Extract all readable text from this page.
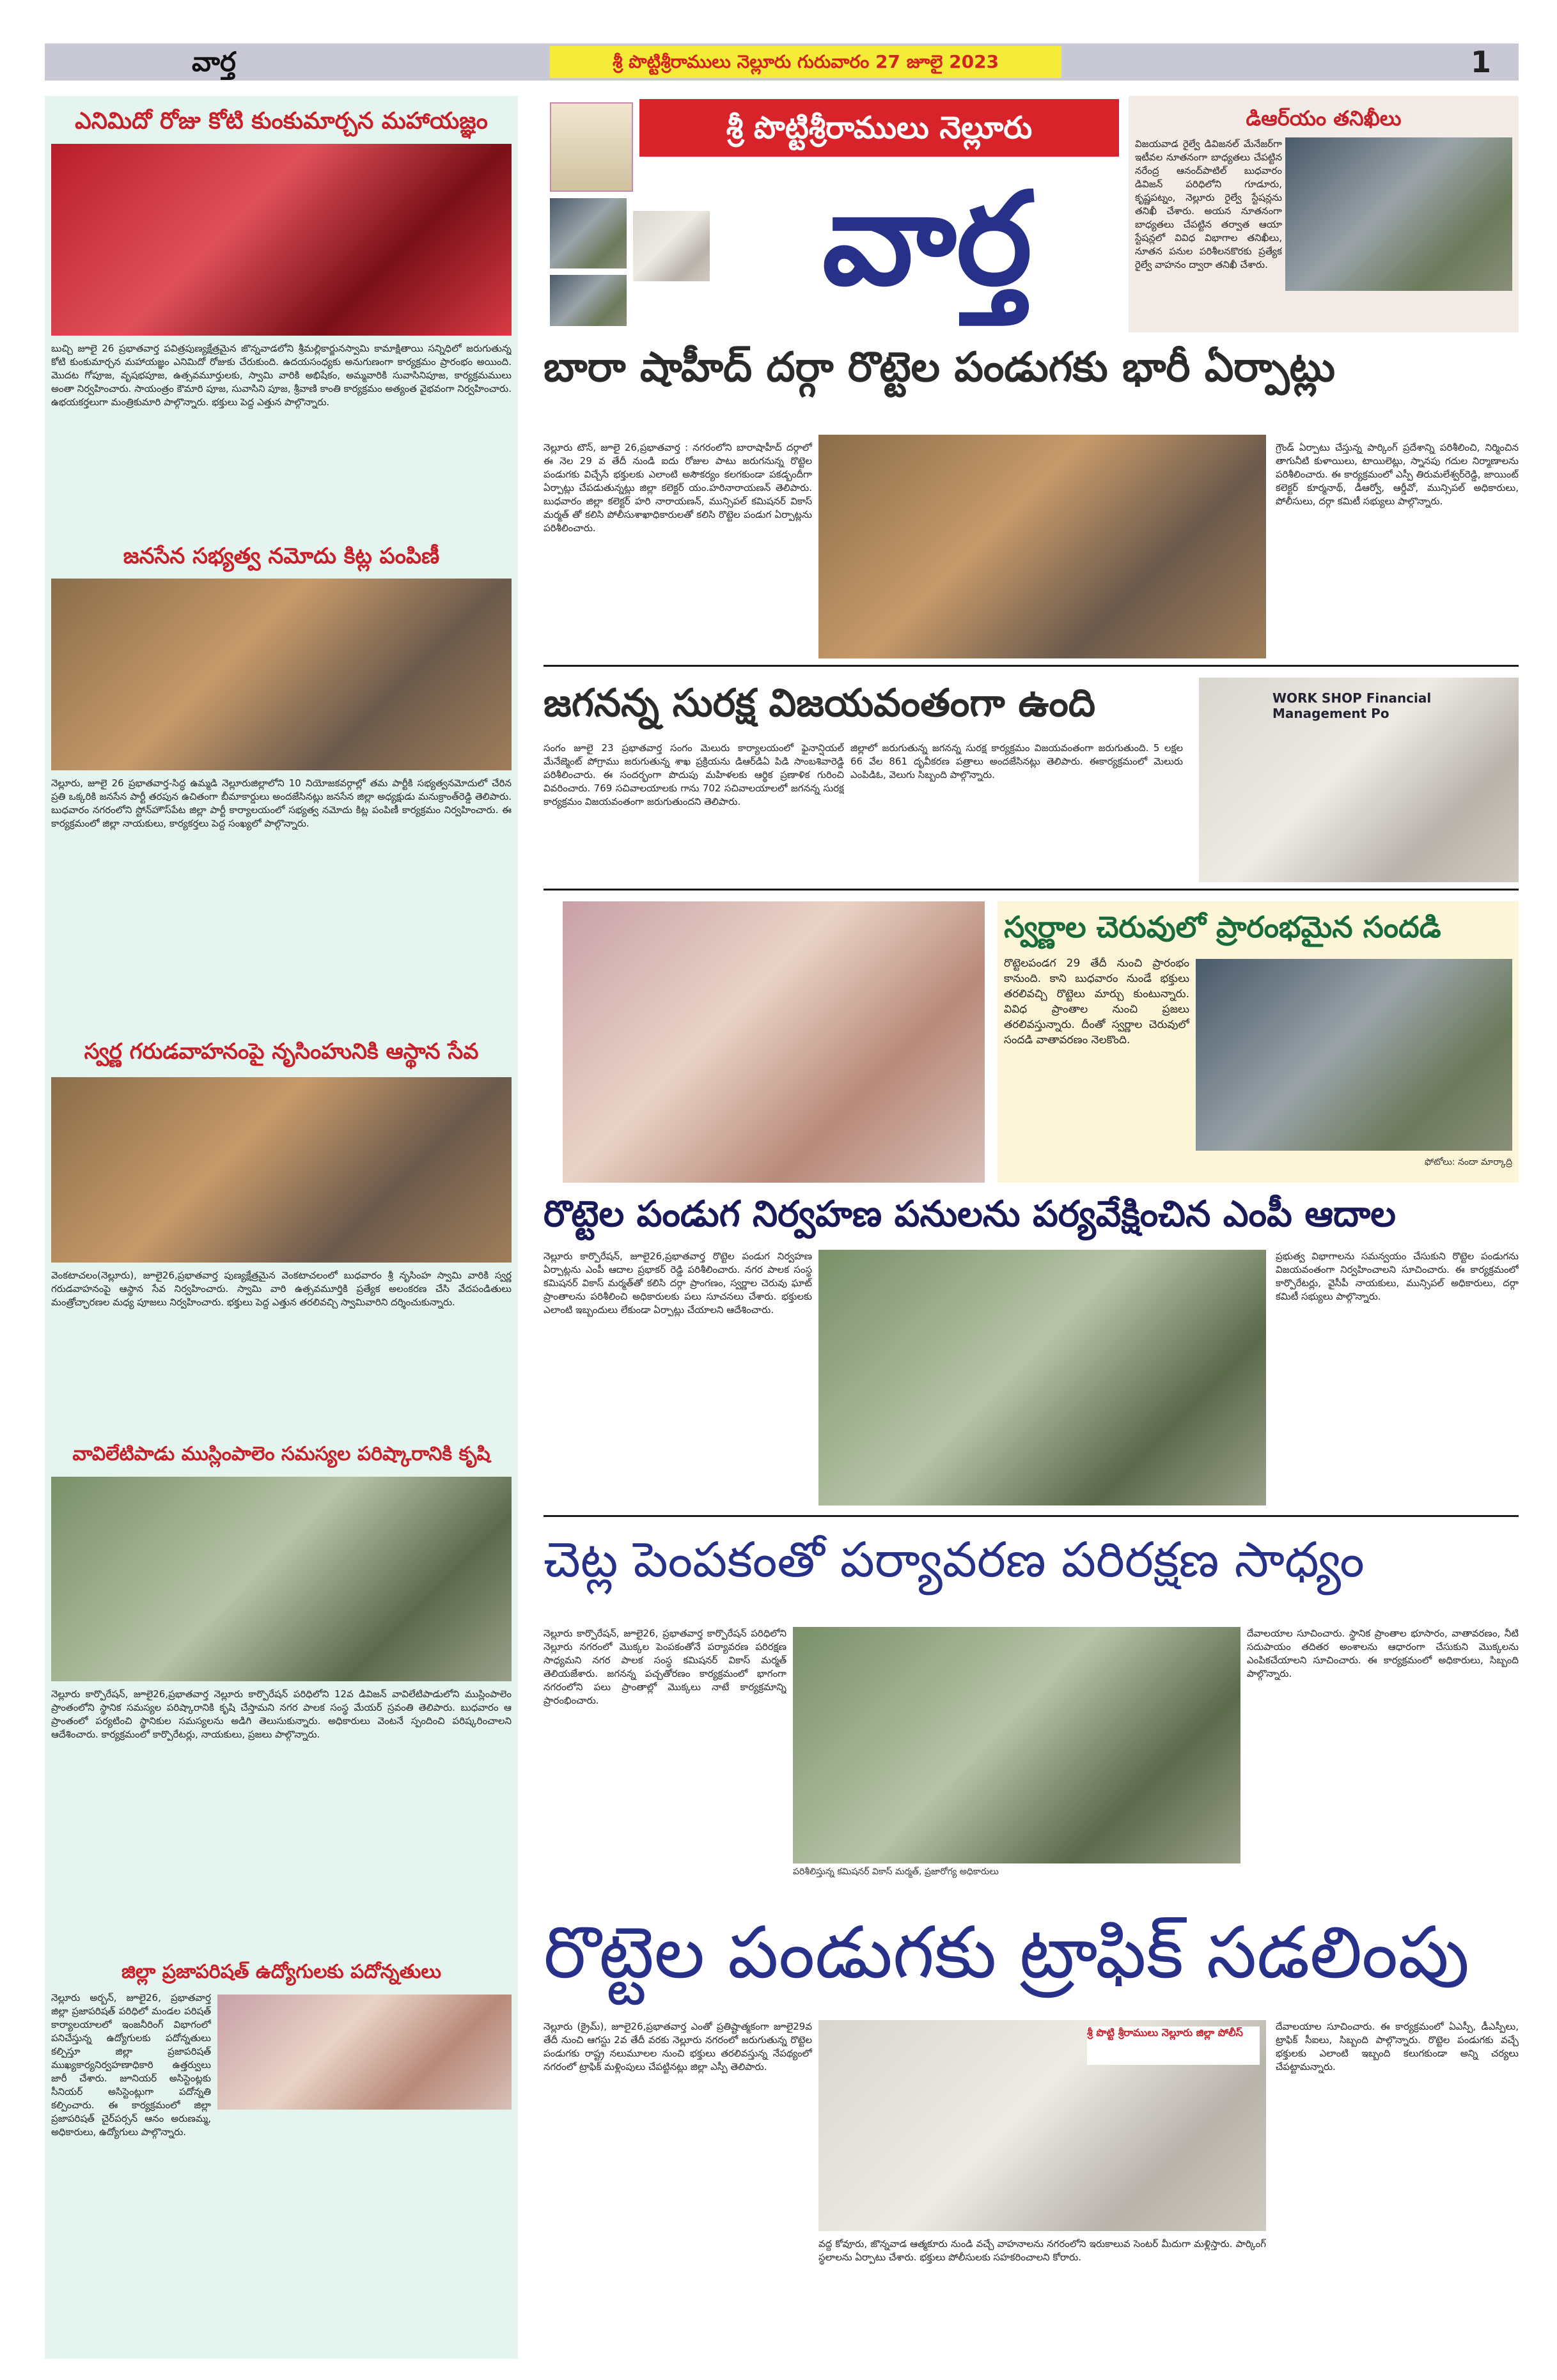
వార్త	శ్రీ పొట్టిశ్రీరాములు నెల్లూరు గురువారం 27 జూలై 2023	1
ఎనిమిదో రోజు కోటి కుంకుమార్చన మహాయజ్ఞం
బుచ్చి జూలై 26 ప్రభాతవార్త పవిత్రపుణ్యక్షేత్రమైన జొన్నవాడలోని శ్రీమల్లికార్జునస్వామి కామాక్షితాయి సన్నిధిలో జరుగుతున్న కోటి కుంకుమార్చన మహాయజ్ఞం ఎనిమిదో రోజుకు చేరుకుంది. ఉదయసంధ్యకు అనుగుణంగా కార్యక్రమం ప్రారంభం అయింది. మొదట గోపూజ, వృషభపూజ, ఉత్సవమూర్తులకు, స్వామి వారికి అభిషేకం, అమ్మవారికి సువాసినిపూజ, కార్యక్రమములు అంతా నిర్వహించారు. సాయంత్రం కౌమారి పూజ, సువాసిని పూజ, శ్రీవాణి కాంతి కార్యక్రమం అత్యంత వైభవంగా నిర్వహించారు. ఉభయకర్తలుగా మంత్రికుమారి పాల్గొన్నారు. భక్తులు పెద్ద ఎత్తున పాల్గొన్నారు.
జనసేన సభ్యత్వ నమోదు కిట్ల పంపిణీ
నెల్లూరు, జూలై 26 ప్రభాతవార్త-సిద్ధ ఉమ్మడి నెల్లూరుజిల్లాలోని 10 నియోజకవర్గాల్లో తమ పార్టీకి సభ్యత్వనమోదులో చేరిన ప్రతి ఒక్కరికి జనసేన పార్టీ తరపున ఉచితంగా బీమాకార్డులు అందజేసినట్లు జనసేన జిల్లా అధ్యక్షుడు మనుక్రాంత్‌రెడ్డి తెలిపారు. బుధవారం నగరంలోని స్టోన్‌హౌస్‌పేట జిల్లా పార్టీ కార్యాలయంలో సభ్యత్వ నమోదు కిట్ల పంపిణీ కార్యక్రమం నిర్వహించారు. ఈ కార్యక్రమంలో జిల్లా నాయకులు, కార్యకర్తలు పెద్ద సంఖ్యలో పాల్గొన్నారు.
స్వర్ణ గరుడవాహనంపై నృసింహునికి ఆస్థాన సేవ
వెంకటాచలం(నెల్లూరు), జూలై26,ప్రభాతవార్త పుణ్యక్షేత్రమైన వెంకటాచలంలో బుధవారం శ్రీ నృసింహ స్వామి వారికి స్వర్ణ గరుడవాహనంపై ఆస్థాన సేవ నిర్వహించారు. స్వామి వారి ఉత్సవమూర్తికి ప్రత్యేక అలంకరణ చేసి వేదపండితులు మంత్రోచ్ఛారణల మధ్య పూజలు నిర్వహించారు. భక్తులు పెద్ద ఎత్తున తరలివచ్చి స్వామివారిని దర్శించుకున్నారు.
వావిలేటిపాడు ముస్లింపాలెం సమస్యల పరిష్కారానికి కృషి
నెల్లూరు కార్పొరేషన్, జూలై26,ప్రభాతవార్త నెల్లూరు కార్పొరేషన్ పరిధిలోని 12వ డివిజన్ వావిలేటిపాడులోని ముస్లింపాలెం ప్రాంతంలోని స్థానిక సమస్యల పరిష్కారానికి కృషి చేస్తామని నగర పాలక సంస్థ మేయర్ స్రవంతి తెలిపారు. బుధవారం ఆ ప్రాంతంలో పర్యటించి స్థానికుల సమస్యలను అడిగి తెలుసుకున్నారు. అధికారులు వెంటనే స్పందించి పరిష్కరించాలని ఆదేశించారు. కార్యక్రమంలో కార్పొరేటర్లు, నాయకులు, ప్రజలు పాల్గొన్నారు.
జిల్లా ప్రజాపరిషత్ ఉద్యోగులకు పదోన్నతులు
నెల్లూరు అర్బన్, జూలై26, ప్రభాతవార్త జిల్లా ప్రజాపరిషత్ పరిధిలో మండల పరిషత్ కార్యాలయాలలో ఇంజనీరింగ్ విభాగంలో పనిచేస్తున్న ఉద్యోగులకు పదోన్నతులు కల్పిస్తూ జిల్లా ప్రజాపరిషత్ ముఖ్యకార్యనిర్వహణాధికారి ఉత్తర్వులు జారీ చేశారు. జూనియర్ అసిస్టెంట్లకు సీనియర్ అసిస్టెంట్లుగా పదోన్నతి కల్పించారు. ఈ కార్యక్రమంలో జిల్లా ప్రజాపరిషత్ చైర్‌పర్సన్ ఆనం అరుణమ్మ, అధికారులు, ఉద్యోగులు పాల్గొన్నారు.
శ్రీ పొట్టిశ్రీరాములు నెల్లూరు
వార్త
డిఆర్‌యం తనిఖీలు
విజయవాడ రైల్వే డివిజనల్ మేనేజర్‌గా ఇటీవల నూతనంగా బాధ్యతలు చేపట్టిన నరేంద్ర ఆనంద్‌పాటిల్ బుధవారం డివిజన్ పరిధిలోని గూడూరు, కృష్ణపట్నం, నెల్లూరు రైల్వే స్టేషన్లను తనిఖీ చేశారు. అయన నూతనంగా బాధ్యతలు చేపట్టిన తర్వాత ఆయా స్టేషన్లలో వివిధ విభాగాల తనిఖీలు, నూతన పనుల పరిశీలనకొరకు ప్రత్యేక రైల్వే వాహనం ద్వారా తనిఖీ చేశారు.
బారా షాహీద్ దర్గా రొట్టెల పండుగకు భారీ ఏర్పాట్లు
నెల్లూరు టౌన్, జూలై 26,ప్రభాతవార్త : నగరంలోని బారాషాహీద్ దర్గాలో ఈ నెల 29 వ తేదీ నుండి ఐదు రోజుల పాటు జరుగనున్న రొట్టెల పండుగకు విచ్చేసే భక్తులకు ఎలాంటి అసౌకర్యం కలగకుండా పకడ్బందీగా ఏర్పాట్లు చేపడుతున్నట్లు జిల్లా కలెక్టర్ యం.హరినారాయణన్ తెలిపారు. బుధవారం జిల్లా కలెక్టర్ హరి నారాయణన్, మున్సిపల్ కమిషనర్ వికాస్ మర్మత్ తో కలిసి పోలీసుశాఖాధికారులతో కలిసి రొట్టెల పండుగ ఏర్పాట్లను పరిశీలించారు.
గ్రౌండ్ ఏర్పాటు చేస్తున్న పార్కింగ్ ప్రదేశాన్ని పరిశీలించి, నిర్మించిన తాగునీటి కుళాయిలు, టాయిలెట్లు, స్నానపు గదుల నిర్మాణాలను పరిశీలించారు. ఈ కార్యక్రమంలో ఎస్పీ తిరుమలేశ్వర్‌రెడ్డి, జాయింట్ కలెక్టర్ కూర్మనాథ్, డీఆర్వో, ఆర్డీవో, మున్సిపల్ అధికారులు, పోలీసులు, దర్గా కమిటీ సభ్యులు పాల్గొన్నారు.
జగనన్న సురక్ష విజయవంతంగా ఉంది
సంగం జూలై 23 ప్రభాతవార్త సంగం మెలురు కార్యాలయంలో ఫైనాన్షియల్ మేనేజ్మెంట్ పోగ్రాము జరుగుతున్న శాఖ ప్రక్రియను డిఆర్‌డిఏ పిడి సాంబశివారెడ్డి పరిశీలించారు. ఈ సందర్భంగా పొదుపు మహిళలకు ఆర్థిక ప్రణాళిక గురించి వివరించారు. 769 సచివాలయాలకు గాను 702 సచివాలయాలలో జగనన్న సురక్ష కార్యక్రమం విజయవంతంగా జరుగుతుందని తెలిపారు.
జిల్లాలో జరుగుతున్న జగనన్న సురక్ష కార్యక్రమం విజయవంతంగా జరుగుతుంది. 5 లక్షల 66 వేల 861 దృవీకరణ పత్రాలు అందజేసినట్లు తెలిపారు. ఈకార్యక్రమంలో మెలురు ఎంపిడిఓ, వెలుగు సిబ్బంది పాల్గొన్నారు.
WORK SHOP Financial Management Po
స్వర్ణాల చెరువులో ప్రారంభమైన సందడి
రొట్టెలపండగ 29 తేదీ నుంచి ప్రారంభం కానుంది. కాని బుధవారం నుండే భక్తులు తరలివచ్చి రొట్టెలు మార్చు కుంటున్నారు. వివిధ ప్రాంతాల నుంచి ప్రజలు తరలివస్తున్నారు. దీంతో స్వర్ణాల చెరువులో సందడి వాతావరణం నెలకొంది.
ఫోటోలు: నందా మార్కాద్రి
రొట్టెల పండుగ నిర్వహణ పనులను పర్యవేక్షించిన ఎంపీ ఆదాల
నెల్లూరు కార్పొరేషన్, జూలై26,ప్రభాతవార్త రొట్టెల పండుగ నిర్వహణ ఏర్పాట్లను ఎంపీ ఆదాల ప్రభాకర్ రెడ్డి పరిశీలించారు. నగర పాలక సంస్థ కమిషనర్ వికాస్ మర్మత్‌తో కలిసి దర్గా ప్రాంగణం, స్వర్ణాల చెరువు ఘాట్ ప్రాంతాలను పరిశీలించి అధికారులకు పలు సూచనలు చేశారు. భక్తులకు ఎలాంటి ఇబ్బందులు లేకుండా ఏర్పాట్లు చేయాలని ఆదేశించారు.
ప్రభుత్వ విభాగాలను సమన్వయం చేసుకుని రొట్టెల పండుగను విజయవంతంగా నిర్వహించాలని సూచించారు. ఈ కార్యక్రమంలో కార్పొరేటర్లు, వైసీపీ నాయకులు, మున్సిపల్ అధికారులు, దర్గా కమిటీ సభ్యులు పాల్గొన్నారు.
చెట్ల పెంపకంతో పర్యావరణ పరిరక్షణ సాధ్యం
నెల్లూరు కార్పొరేషన్, జూలై26, ప్రభాతవార్త కార్పొరేషన్ పరిధిలోని నెల్లూరు నగరంలో మొక్కల పెంపకంతోనే పర్యావరణ పరిరక్షణ సాధ్యమని నగర పాలక సంస్థ కమిషనర్ వికాస్ మర్మత్ తెలియజేశారు. జగనన్న పచ్చతోరణం కార్యక్రమంలో భాగంగా నగరంలోని పలు ప్రాంతాల్లో మొక్కలు నాటే కార్యక్రమాన్ని ప్రారంభించారు.
పరిశీలిస్తున్న కమిషనర్ వికాస్ మర్మత్, ప్రజారోగ్య అధికారులు
దేవాలయాల సూచించారు. స్థానిక ప్రాంతాల భూసారం, వాతావరణం, నీటి సదుపాయం తదితర అంశాలను ఆధారంగా చేసుకుని మొక్కలను ఎంపికచేయాలని సూచించారు. ఈ కార్యక్రమంలో అధికారులు, సిబ్బంది పాల్గొన్నారు.
రొట్టెల పండుగకు ట్రాఫిక్ సడలింపు
నెల్లూరు (క్రైమ్), జూలై26,ప్రభాతవార్త ఎంతో ప్రతిష్టాత్మకంగా జూలై29వ తేదీ నుంచి ఆగస్టు 2వ తేదీ వరకు నెల్లూరు నగరంలో జరుగుతున్న రొట్టెల పండుగకు రాష్ట్ర నలుమూలల నుంచి భక్తులు తరలివస్తున్న నేపథ్యంలో నగరంలో ట్రాఫిక్ మళ్లింపులు చేపట్టినట్లు జిల్లా ఎస్పీ తెలిపారు.
శ్రీ పొట్టి శ్రీరాములు నెల్లూరు జిల్లా పోలీస్
వద్ద కోవూరు, జొన్నవాడ ఆత్మకూరు నుండి వచ్చే వాహనాలను నగరంలోని ఇరుకాలువ సెంటర్ మీదుగా మళ్లిస్తారు. పార్కింగ్ స్థలాలను ఏర్పాటు చేశారు. భక్తులు పోలీసులకు సహకరించాలని కోరారు.
దేవాలయాల సూచించారు. ఈ కార్యక్రమంలో ఏఎస్పీ, డీఎస్పీలు, ట్రాఫిక్ సీఐలు, సిబ్బంది పాల్గొన్నారు. రొట్టెల పండుగకు వచ్చే భక్తులకు ఎలాంటి ఇబ్బంది కలుగకుండా అన్ని చర్యలు చేపట్టామన్నారు.
